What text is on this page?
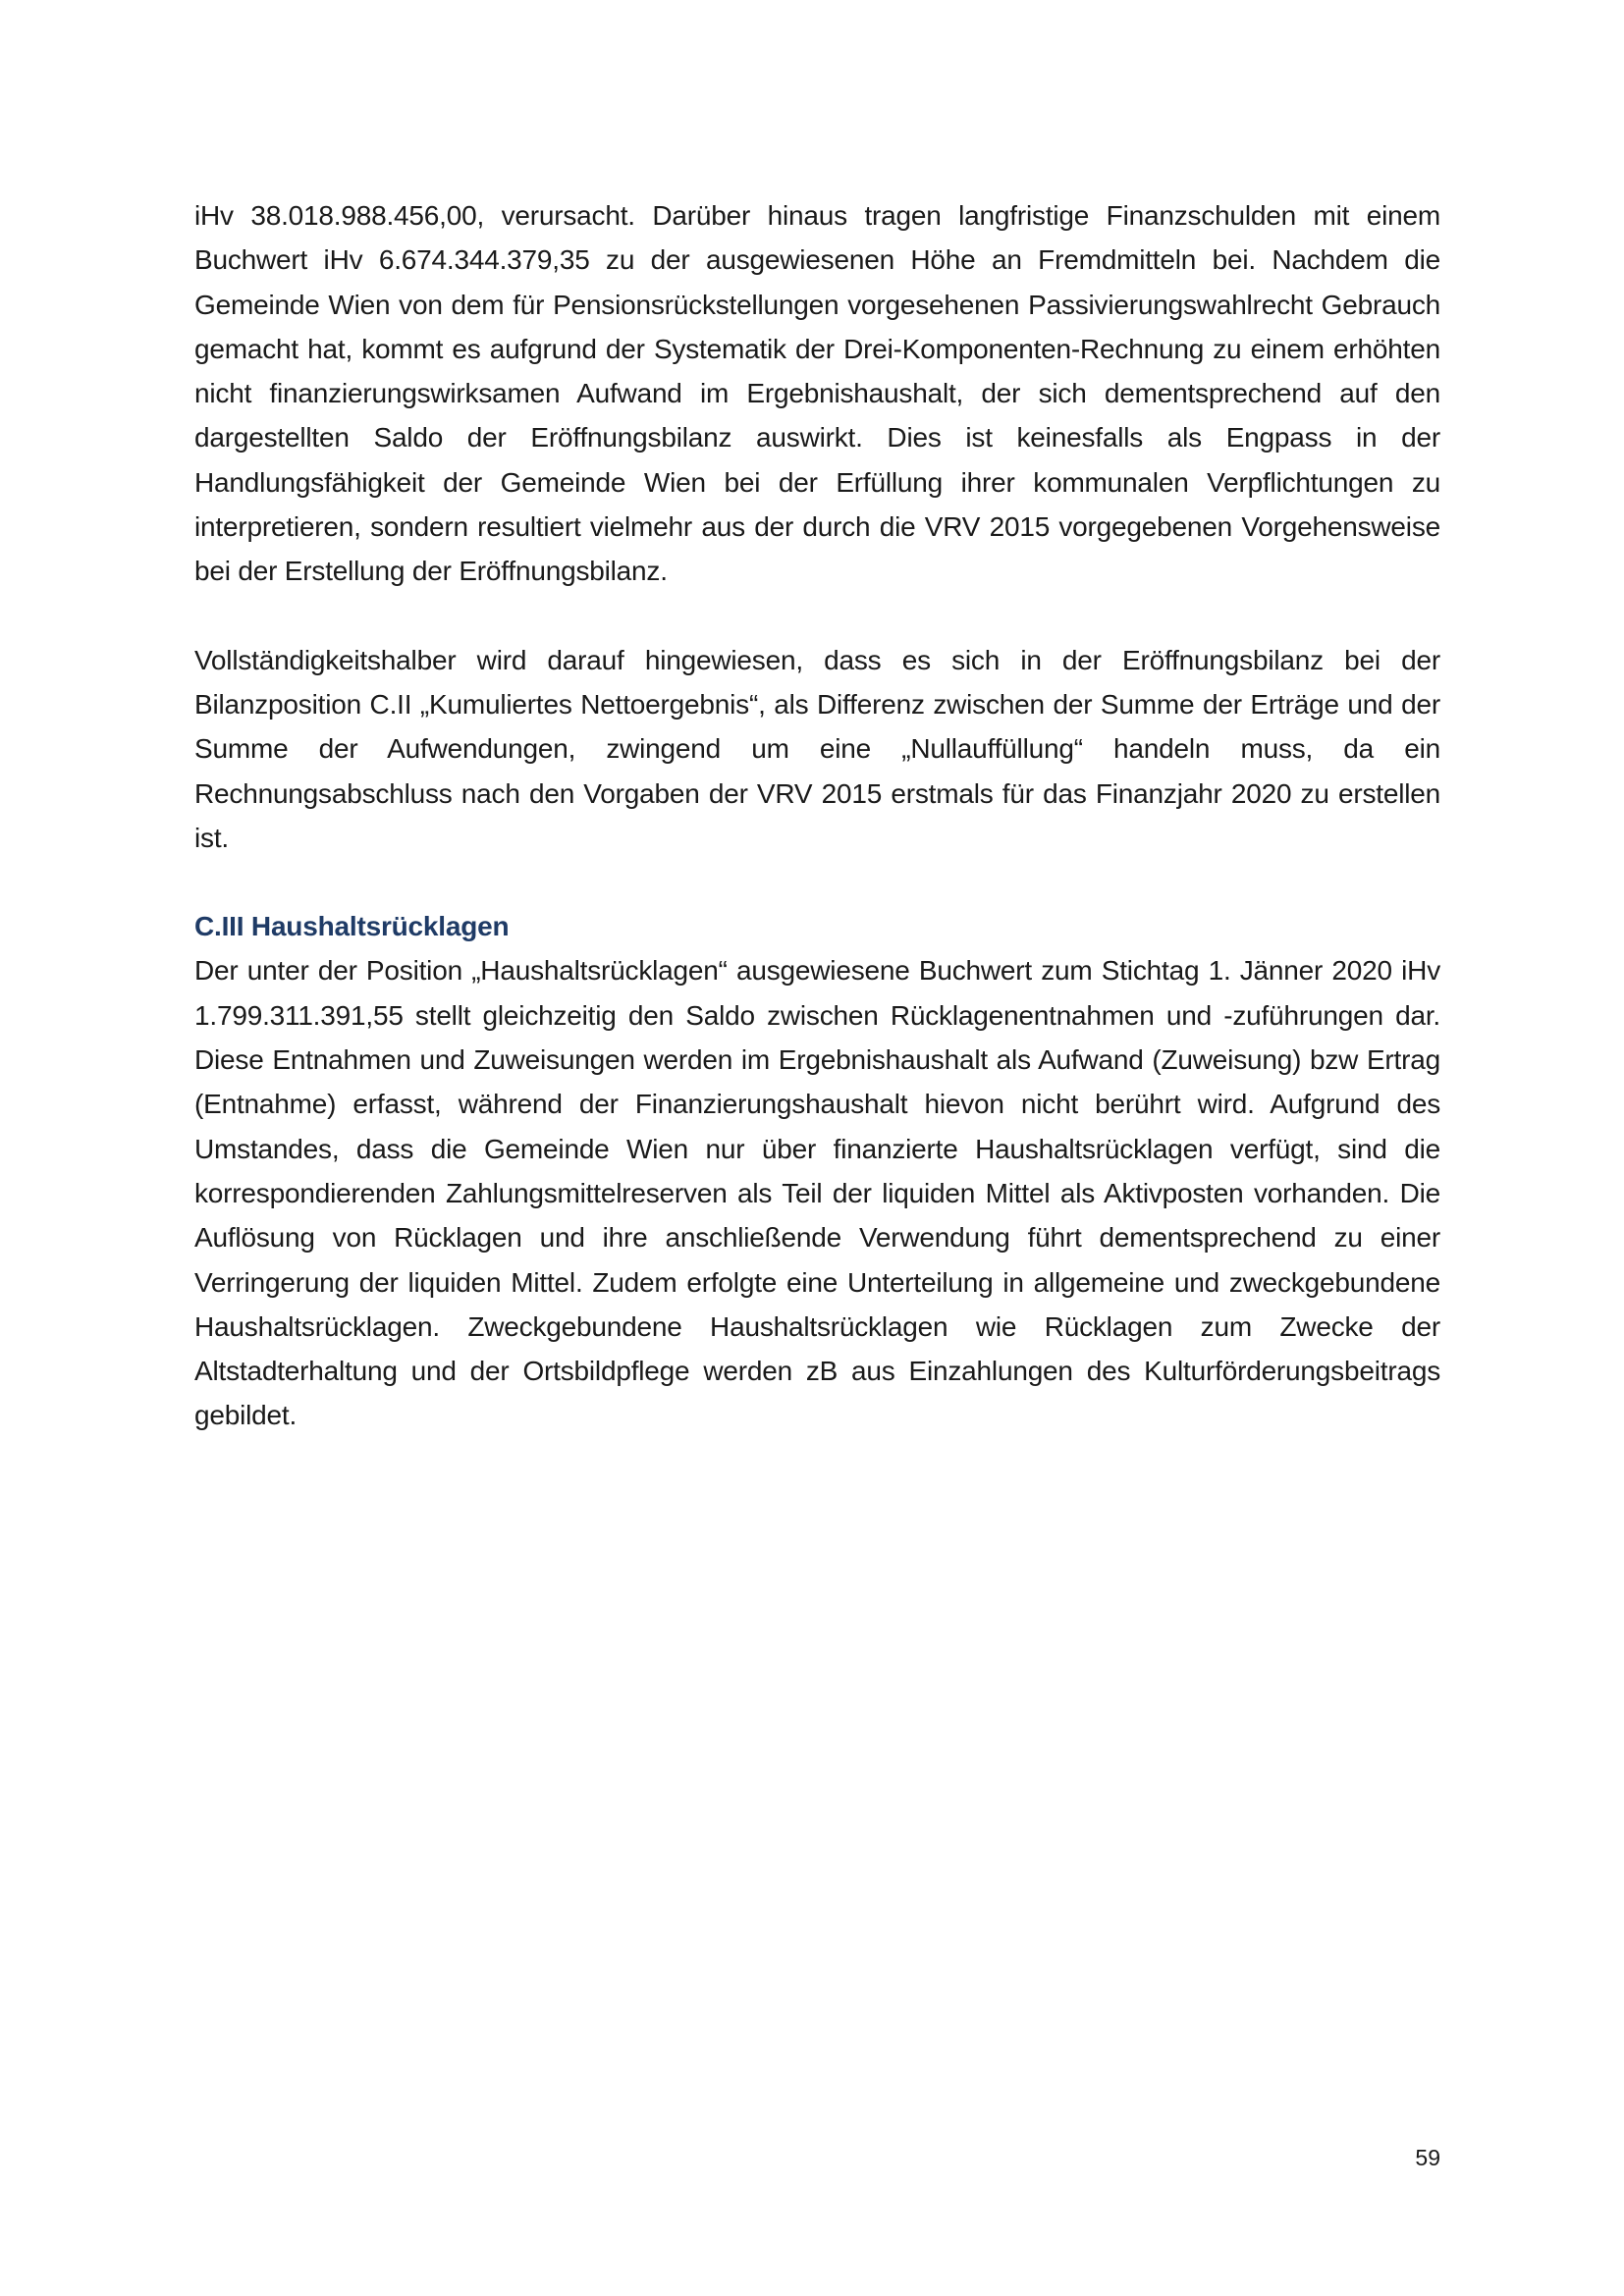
iHv 38.018.988.456,00, verursacht. Darüber hinaus tragen langfristige Finanzschulden mit einem Buchwert iHv 6.674.344.379,35 zu der ausgewiesenen Höhe an Fremdmitteln bei. Nachdem die Gemeinde Wien von dem für Pensionsrückstellungen vorgesehenen Passivierungswahlrecht Gebrauch gemacht hat, kommt es aufgrund der Systematik der Drei-Komponenten-Rechnung zu einem erhöhten nicht finanzierungswirksamen Aufwand im Ergebnishaushalt, der sich dementsprechend auf den dargestellten Saldo der Eröffnungsbilanz auswirkt. Dies ist keinesfalls als Engpass in der Handlungsfähigkeit der Gemeinde Wien bei der Erfüllung ihrer kommunalen Verpflichtungen zu interpretieren, sondern resultiert vielmehr aus der durch die VRV 2015 vorgegebenen Vorgehensweise bei der Erstellung der Eröffnungsbilanz.

Vollständigkeitshalber wird darauf hingewiesen, dass es sich in der Eröffnungsbilanz bei der Bilanzposition C.II „Kumuliertes Nettoergebnis“, als Differenz zwischen der Summe der Erträge und der Summe der Aufwendungen, zwingend um eine „Nullauffüllung“ handeln muss, da ein Rechnungsabschluss nach den Vorgaben der VRV 2015 erstmals für das Finanzjahr 2020 zu erstellen ist.

C.III Haushaltsrücklagen

Der unter der Position „Haushaltsrücklagen“ ausgewiesene Buchwert zum Stichtag 1. Jänner 2020 iHv 1.799.311.391,55 stellt gleichzeitig den Saldo zwischen Rücklagenentnahmen und -zuführungen dar. Diese Entnahmen und Zuweisungen werden im Ergebnishaushalt als Aufwand (Zuweisung) bzw Ertrag (Entnahme) erfasst, während der Finanzierungshaushalt hievon nicht berührt wird. Aufgrund des Umstandes, dass die Gemeinde Wien nur über finanzierte Haushaltsrücklagen verfügt, sind die korrespondierenden Zahlungsmittelreserven als Teil der liquiden Mittel als Aktivposten vorhanden. Die Auflösung von Rücklagen und ihre anschließende Verwendung führt dementsprechend zu einer Verringerung der liquiden Mittel. Zudem erfolgte eine Unterteilung in allgemeine und zweckgebundene Haushaltsrücklagen. Zweckgebundene Haushaltsrücklagen wie Rücklagen zum Zwecke der Altstadterhaltung und der Ortsbildpflege werden zB aus Einzahlungen des Kulturförderungsbeitrags gebildet.

59
